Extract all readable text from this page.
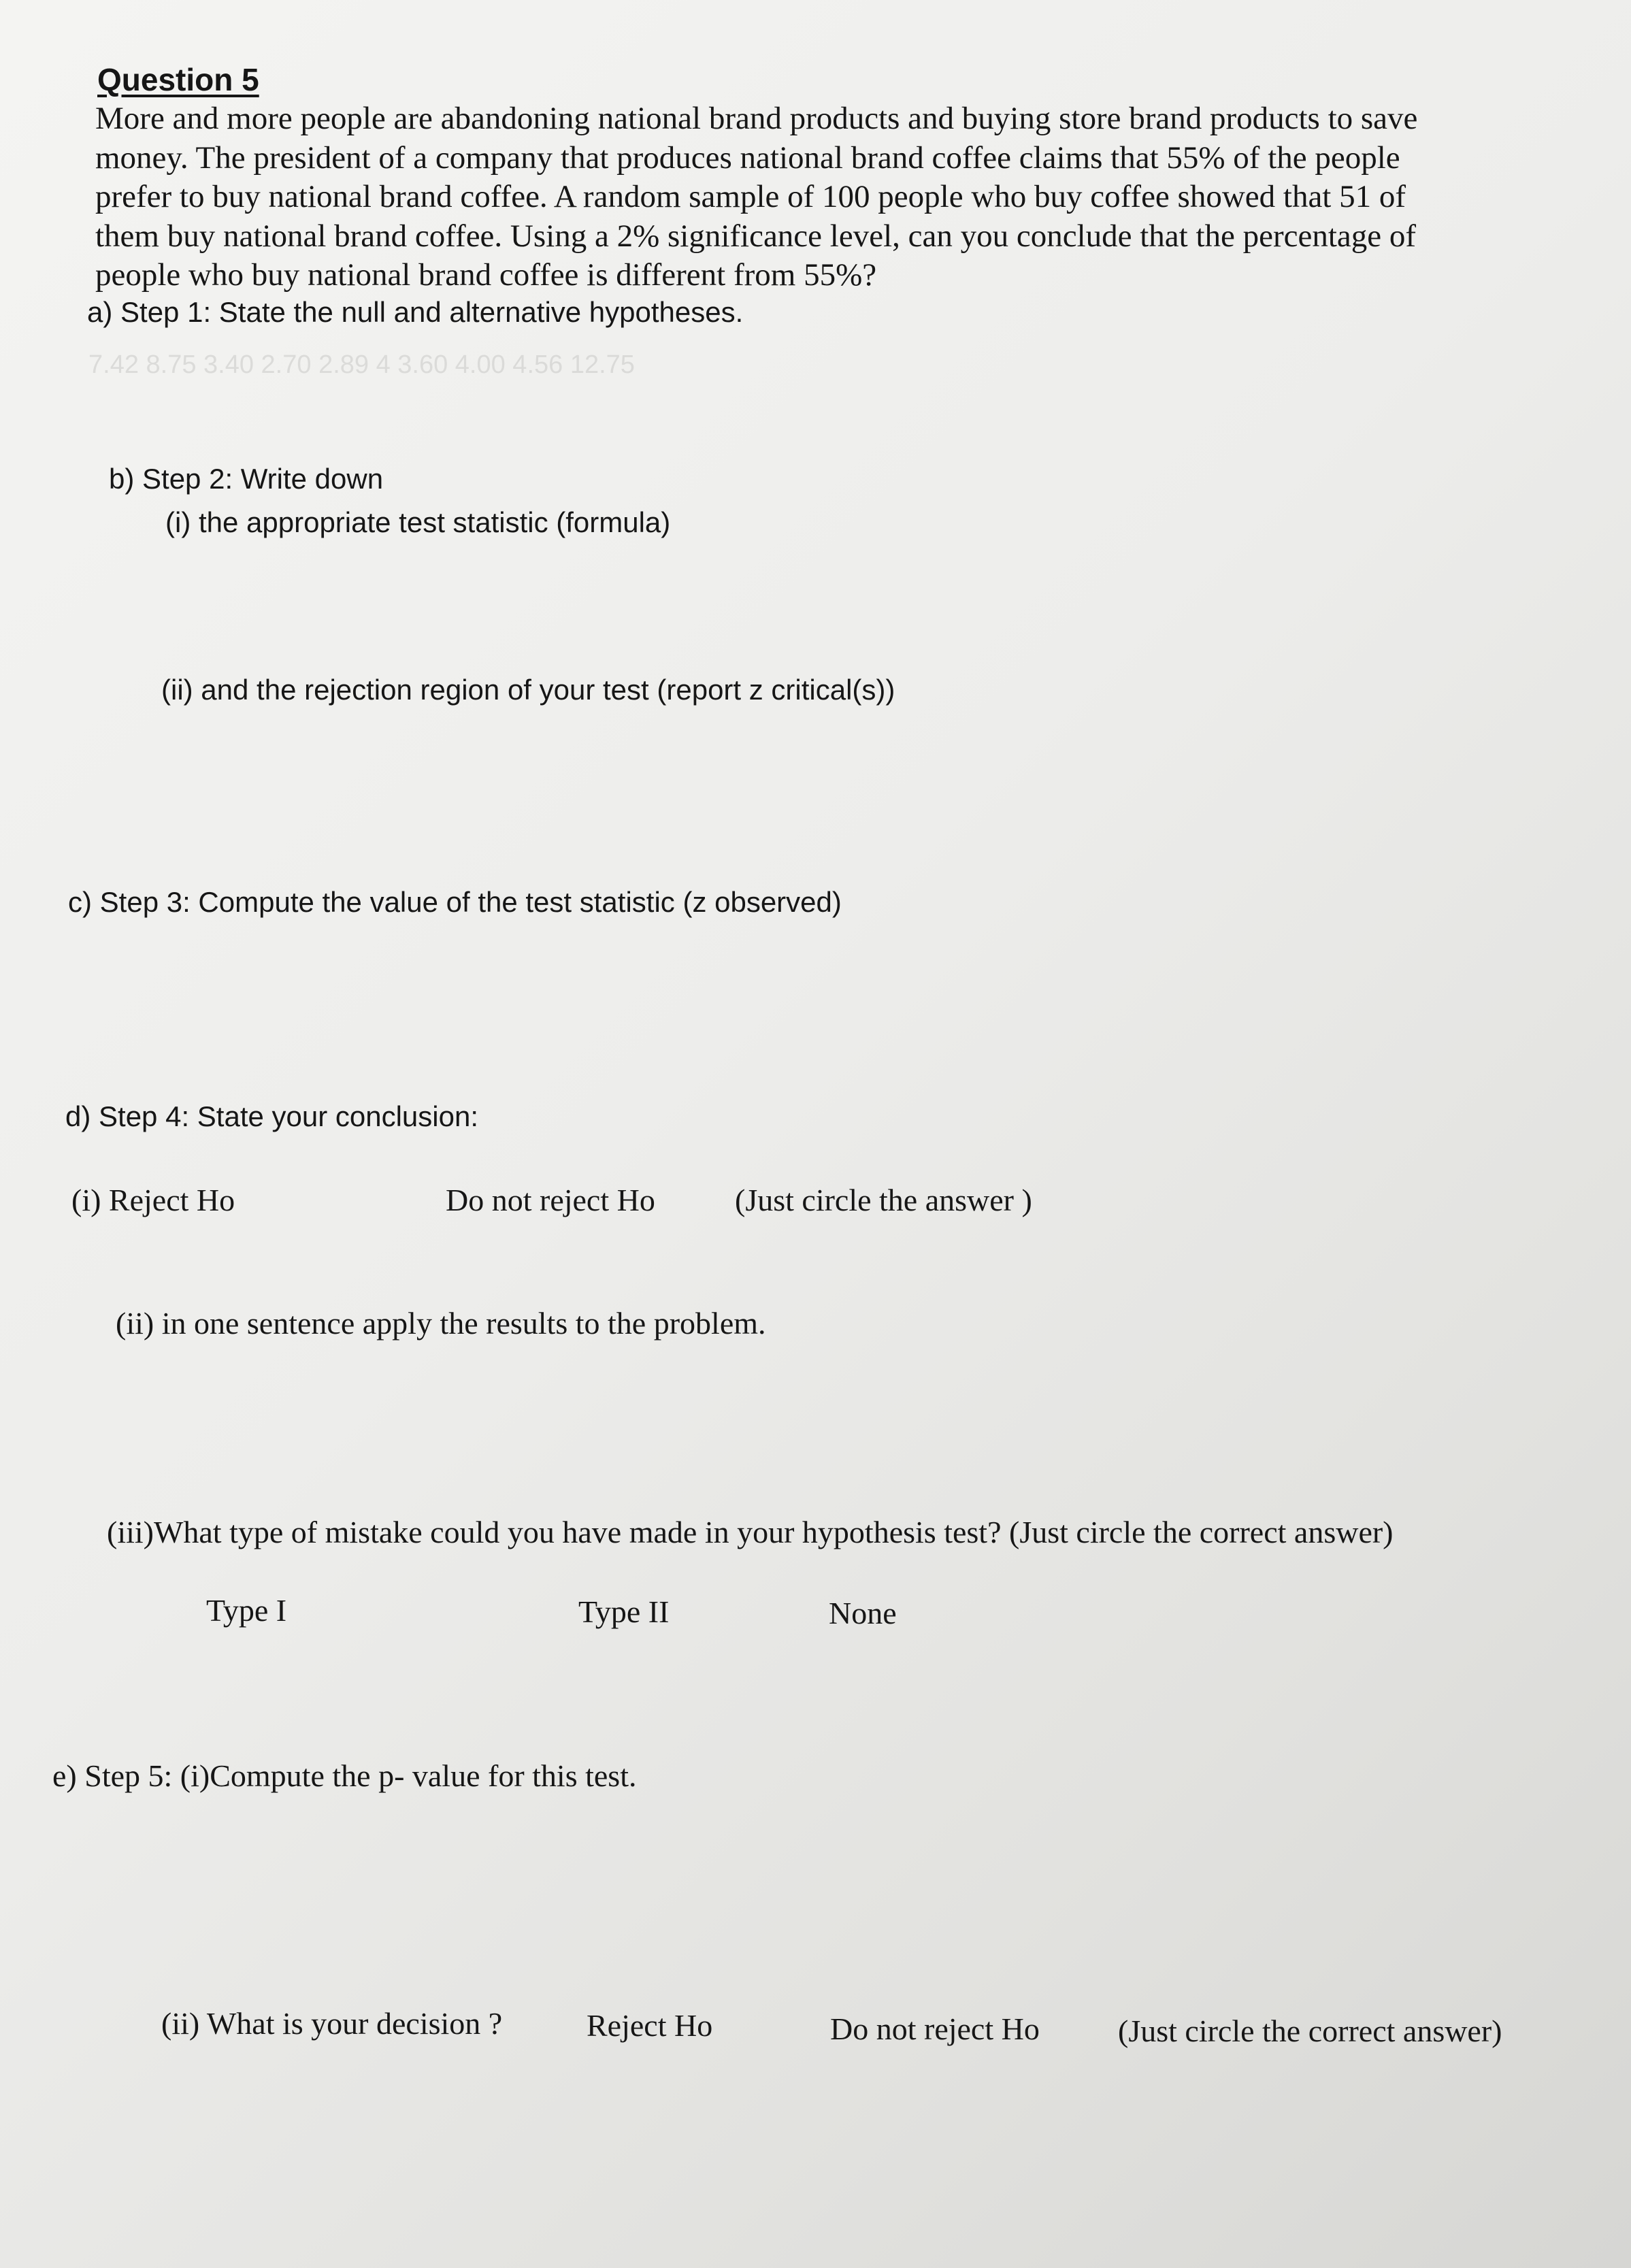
7.42 8.75 3.40 2.70 2.89 4 3.60 4.00 4.56 12.75
Question 5
More and more people are abandoning national brand products and buying store brand products to save
money. The president of a company that produces national brand coffee claims that 55% of the people
prefer to buy national brand coffee. A random sample of 100 people who buy coffee showed that 51 of
them buy national brand coffee. Using a 2% significance level, can you conclude that the percentage of
people who buy national brand coffee is different from 55%?
a) Step 1: State the null and alternative hypotheses.
b) Step 2: Write down
(i) the appropriate test statistic (formula)
(ii) and the rejection region of your test (report z critical(s))
c) Step 3: Compute the value of the test statistic (z observed)
d) Step 4: State your conclusion:
(i) Reject Ho	Do not reject Ho	(Just circle the answer )
(ii) in one sentence apply the results to the problem.
(iii)What type of mistake could you have made in your hypothesis test? (Just circle the correct answer)
Type I	Type II	None
e) Step 5: (i)Compute the p- value for this test.
(ii) What is your decision ?	Reject Ho	Do not reject Ho	(Just circle the correct answer)
